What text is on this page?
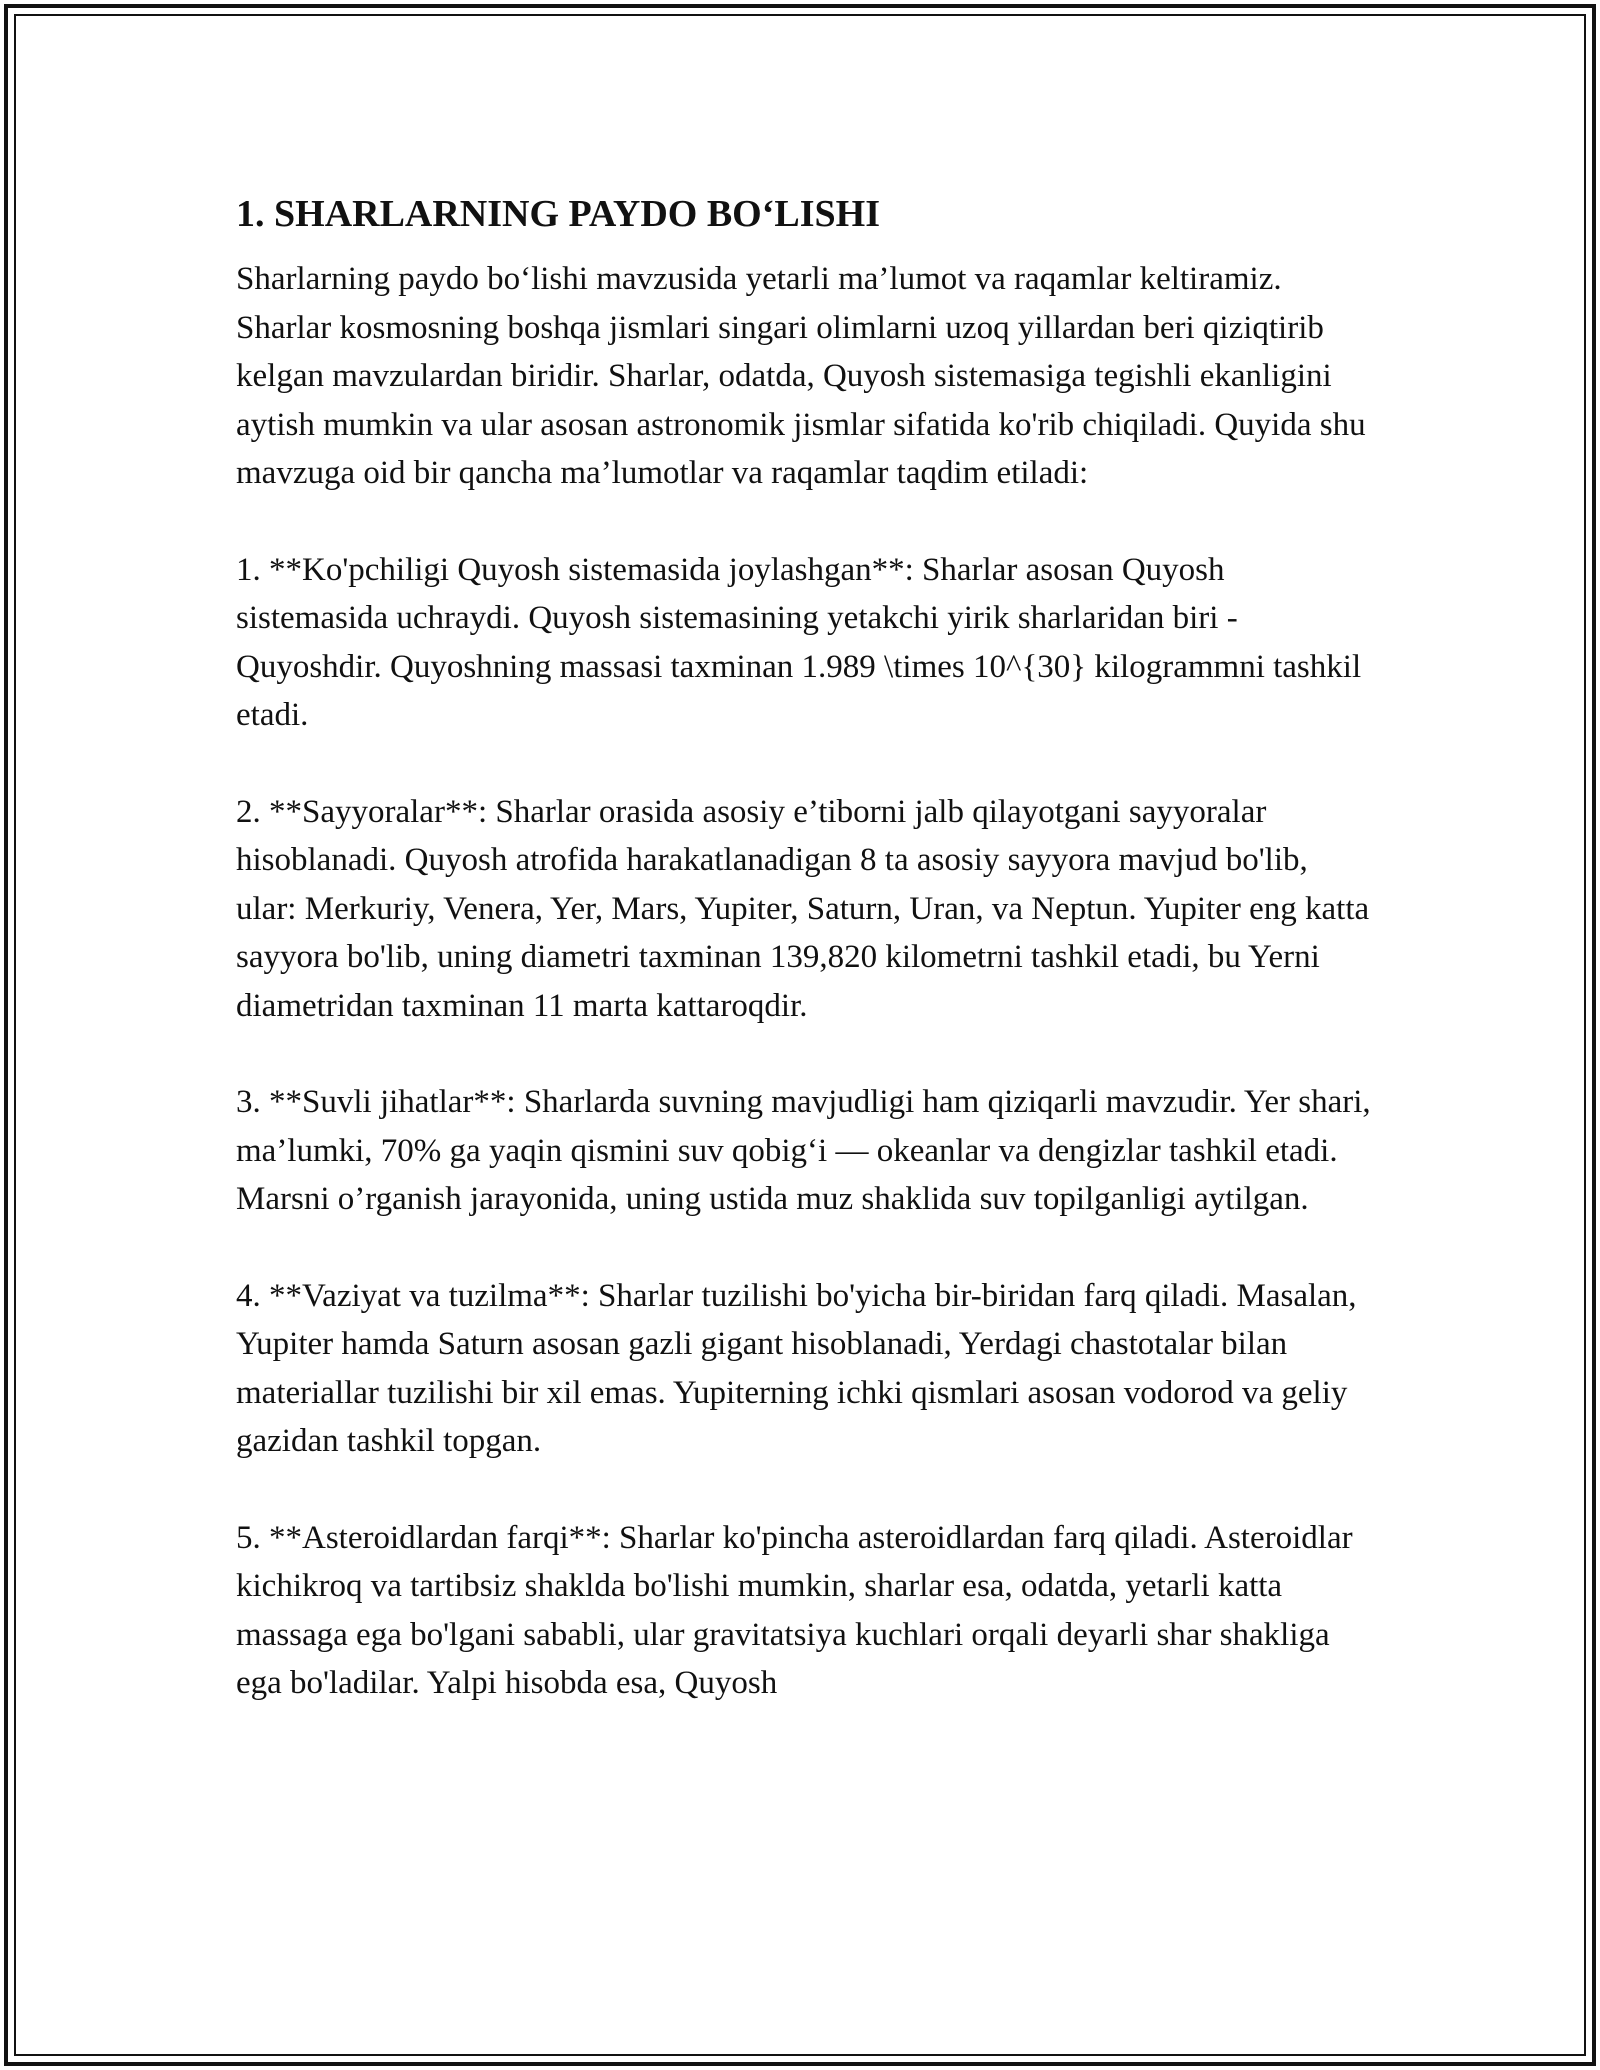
1. SHARLARNING PAYDO BO‘LISHI

Sharlarning paydo bo‘lishi mavzusida yetarli ma’lumot va raqamlar keltiramiz. Sharlar kosmosning boshqa jismlari singari olimlarni uzoq yillardan beri qiziqtirib kelgan mavzulardan biridir. Sharlar, odatda, Quyosh sistemasiga tegishli ekanligini aytish mumkin va ular asosan astronomik jismlar sifatida ko'rib chiqiladi. Quyida shu mavzuga oid bir qancha ma’lumotlar va raqamlar taqdim etiladi:

1. **Ko'pchiligi Quyosh sistemasida joylashgan**: Sharlar asosan Quyosh sistemasida uchraydi. Quyosh sistemasining yetakchi yirik sharlaridan biri - Quyoshdir. Quyoshning massasi taxminan 1.989 \times 10^{30} kilogrammni tashkil etadi.

2. **Sayyoralar**: Sharlar orasida asosiy e’tiborni jalb qilayotgani sayyoralar hisoblanadi. Quyosh atrofida harakatlanadigan 8 ta asosiy sayyora mavjud bo'lib, ular: Merkuriy, Venera, Yer, Mars, Yupiter, Saturn, Uran, va Neptun. Yupiter eng katta sayyora bo'lib, uning diametri taxminan 139,820 kilometrni tashkil etadi, bu Yerni diametridan taxminan 11 marta kattaroqdir.

3. **Suvli jihatlar**: Sharlarda suvning mavjudligi ham qiziqarli mavzudir. Yer shari, ma’lumki, 70% ga yaqin qismini suv qobig‘i — okeanlar va dengizlar tashkil etadi. Marsni o’rganish jarayonida, uning ustida muz shaklida suv topilganligi aytilgan.

4. **Vaziyat va tuzilma**: Sharlar tuzilishi bo'yicha bir-biridan farq qiladi. Masalan, Yupiter hamda Saturn asosan gazli gigant hisoblanadi, Yerdagi chastotalar bilan materiallar tuzilishi bir xil emas. Yupiterning ichki qismlari asosan vodorod va geliy gazidan tashkil topgan.

5. **Asteroidlardan farqi**: Sharlar ko'pincha asteroidlardan farq qiladi. Asteroidlar kichikroq va tartibsiz shaklda bo'lishi mumkin, sharlar esa, odatda, yetarli katta massaga ega bo'lgani sababli, ular gravitatsiya kuchlari orqali deyarli shar shakliga ega bo'ladilar. Yalpi hisobda esa, Quyosh
